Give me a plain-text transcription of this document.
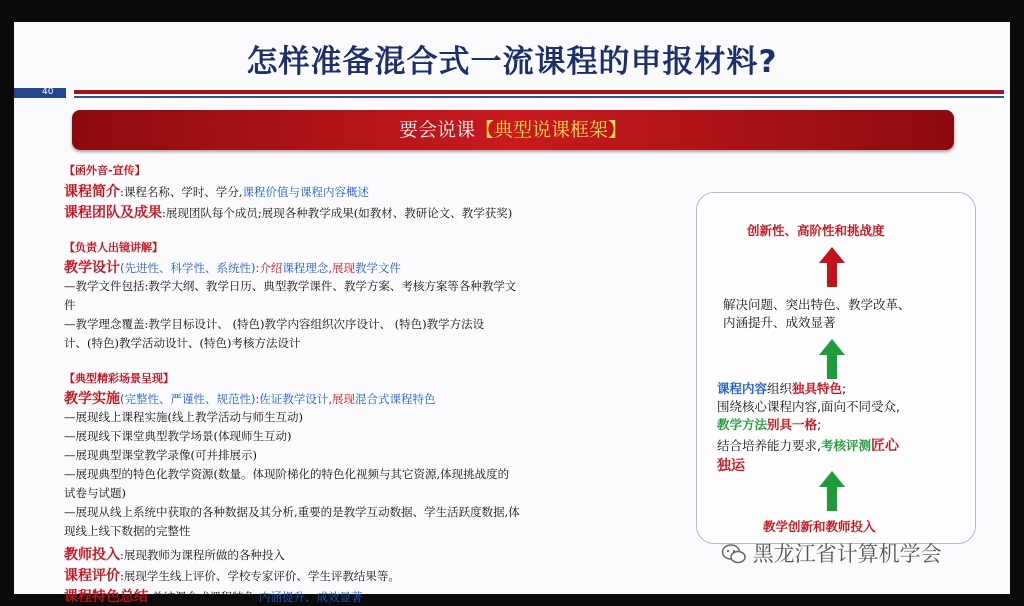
怎样准备混合式一流课程的申报材料?
40
要会说课【典型说课框架】
【函外音-宣传】
课程简介:课程名称、学时、学分,课程价值与课程内容概述
课程团队及成果:展现团队每个成员;展现各种教学成果(如教材、教研论文、教学获奖)
【负责人出镜讲解】
教学设计(先进性、科学性、系统性):介绍课程理念,展现教学文件
—教学文件包括:教学大纲、教学日历、典型教学课件、教学方案、考核方案等各种教学文
件
—教学理念覆盖:教学目标设计、 (特色)教学内容组织次序设计、 (特色)教学方法设
计、(特色)教学活动设计、(特色)考核方法设计
【典型精彩场景呈现】
教学实施(完整性、严谨性、规范性):佐证教学设计,展现混合式课程特色
—展现线上课程实施(线上教学活动与师生互动)
—展现线下课堂典型教学场景(体现师生互动)
—展现典型课堂教学录像(可并排展示)
—展现典型的特色化教学资源(数量。体现阶梯化的特色化视频与其它资源,体现挑战度的
试卷与试题)
—展现从线上系统中获取的各种数据及其分析,重要的是教学互动数据、学生活跃度数据,体
现线上线下数据的完整性
教师投入:展现教师为课程所做的各种投入
课程评价:展现学生线上评价、学校专家评价、学生评教结果等。
课程特色总结:总结混合式课程特色,内涵提升、成效显著。
创新性、高阶性和挑战度
解决问题、突出特色、教学改革、
内涵提升、成效显著
课程内容组织独具特色;
围绕核心课程内容,面向不同受众,
教学方法别具一格;
结合培养能力要求,考核评测匠心
独运
教学创新和教师投入
黑龙江省计算机学会
